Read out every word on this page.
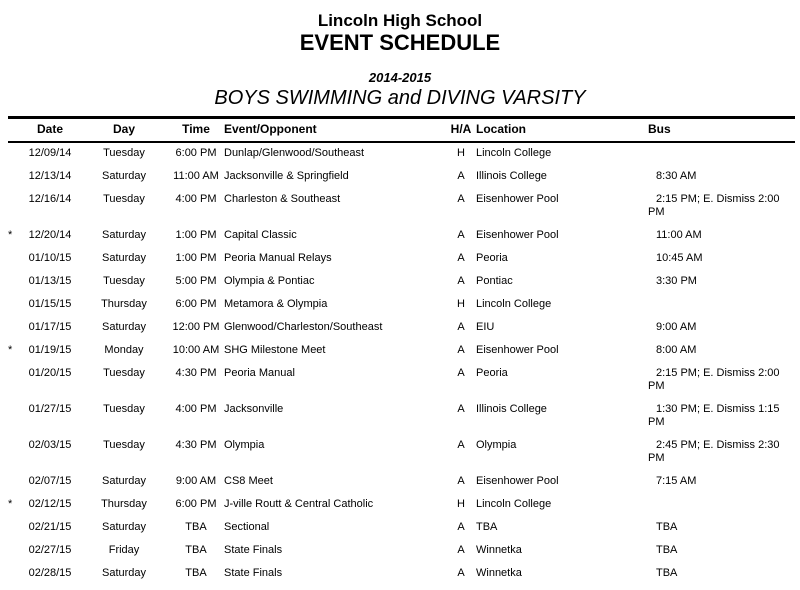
Lincoln High School
EVENT SCHEDULE
2014-2015
BOYS SWIMMING and DIVING VARSITY
	Date	Day	Time	Event/Opponent	H/A	Location	Bus
	12/09/14	Tuesday	6:00 PM	Dunlap/Glenwood/Southeast	H	Lincoln College	
	12/13/14	Saturday	11:00 AM	Jacksonville & Springfield	A	Illinois College	8:30 AM
	12/16/14	Tuesday	4:00 PM	Charleston & Southeast	A	Eisenhower Pool	2:15 PM; E. Dismiss 2:00 PM
*	12/20/14	Saturday	1:00 PM	Capital Classic	A	Eisenhower Pool	11:00 AM
	01/10/15	Saturday	1:00 PM	Peoria Manual Relays	A	Peoria	10:45 AM
	01/13/15	Tuesday	5:00 PM	Olympia & Pontiac	A	Pontiac	3:30 PM
	01/15/15	Thursday	6:00 PM	Metamora & Olympia	H	Lincoln College	
	01/17/15	Saturday	12:00 PM	Glenwood/Charleston/Southeast	A	EIU	9:00 AM
*	01/19/15	Monday	10:00 AM	SHG Milestone Meet	A	Eisenhower Pool	8:00 AM
	01/20/15	Tuesday	4:30 PM	Peoria Manual	A	Peoria	2:15 PM; E. Dismiss 2:00 PM
	01/27/15	Tuesday	4:00 PM	Jacksonville	A	Illinois College	1:30 PM; E. Dismiss 1:15 PM
	02/03/15	Tuesday	4:30 PM	Olympia	A	Olympia	2:45 PM; E. Dismiss 2:30 PM
	02/07/15	Saturday	9:00 AM	CS8 Meet	A	Eisenhower Pool	7:15 AM
*	02/12/15	Thursday	6:00 PM	J-ville Routt & Central Catholic	H	Lincoln College	
	02/21/15	Saturday	TBA	Sectional	A	TBA	TBA
	02/27/15	Friday	TBA	State Finals	A	Winnetka	TBA
	02/28/15	Saturday	TBA	State Finals	A	Winnetka	TBA
